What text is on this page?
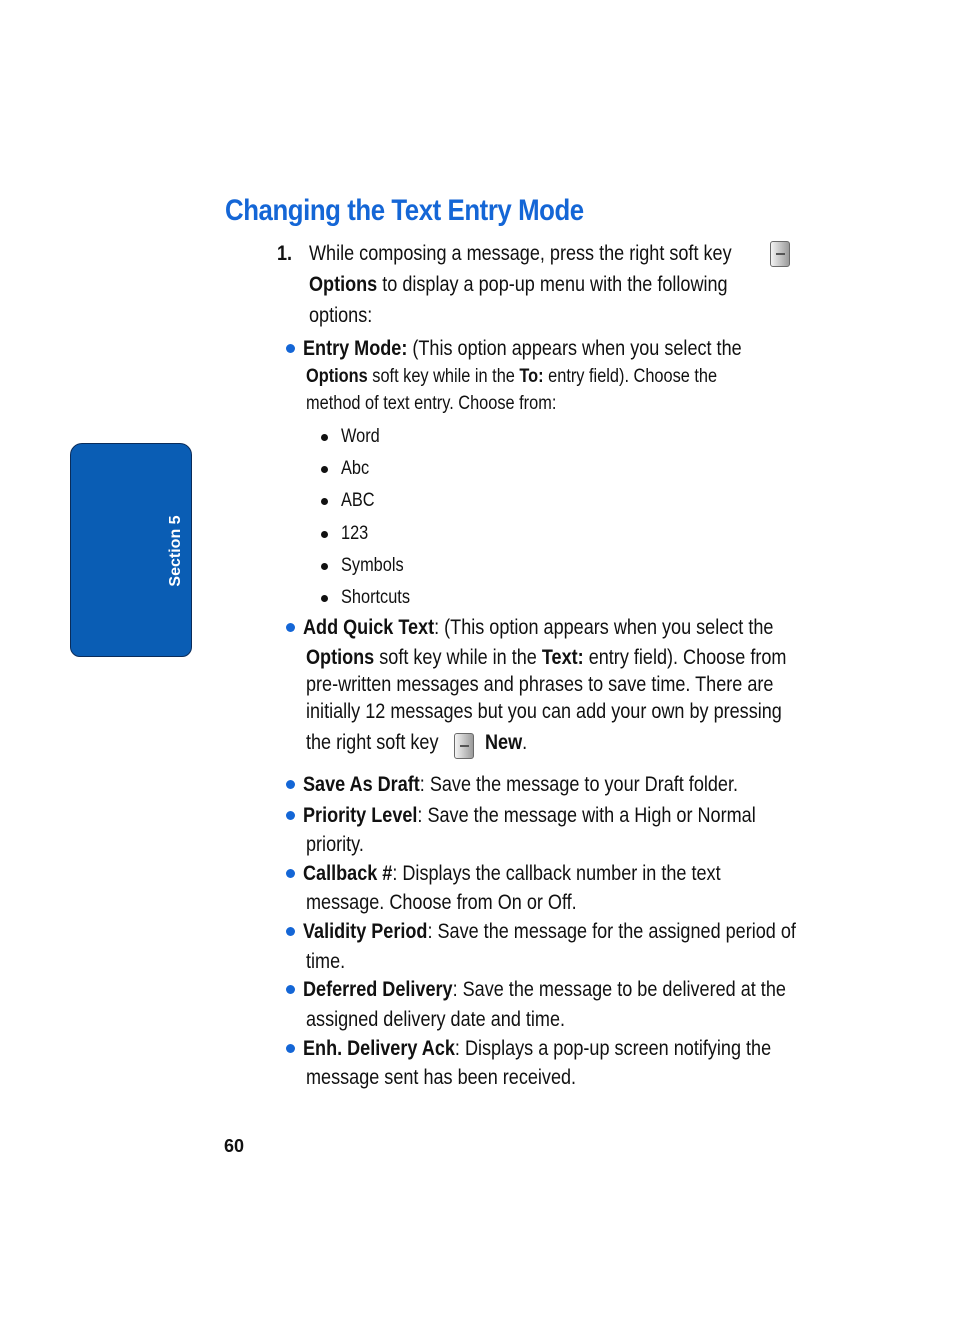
Section 5
Changing the Text Entry Mode
1. While composing a message, press the right soft key
Options to display a pop-up menu with the following
options:
Entry Mode: (This option appears when you select the
Options soft key while in the To: entry field). Choose the
method of text entry. Choose from:
Word
Abc
ABC
123
Symbols
Shortcuts
Add Quick Text: (This option appears when you select the
Options soft key while in the Text: entry field). Choose from
pre-written messages and phrases to save time. There are
initially 12 messages but you can add your own by pressing
the right soft key New.
Save As Draft: Save the message to your Draft folder.
Priority Level: Save the message with a High or Normal
priority.
Callback #: Displays the callback number in the text
message. Choose from On or Off.
Validity Period: Save the message for the assigned period of
time.
Deferred Delivery: Save the message to be delivered at the
assigned delivery date and time.
Enh. Delivery Ack: Displays a pop-up screen notifying the
message sent has been received.
60
